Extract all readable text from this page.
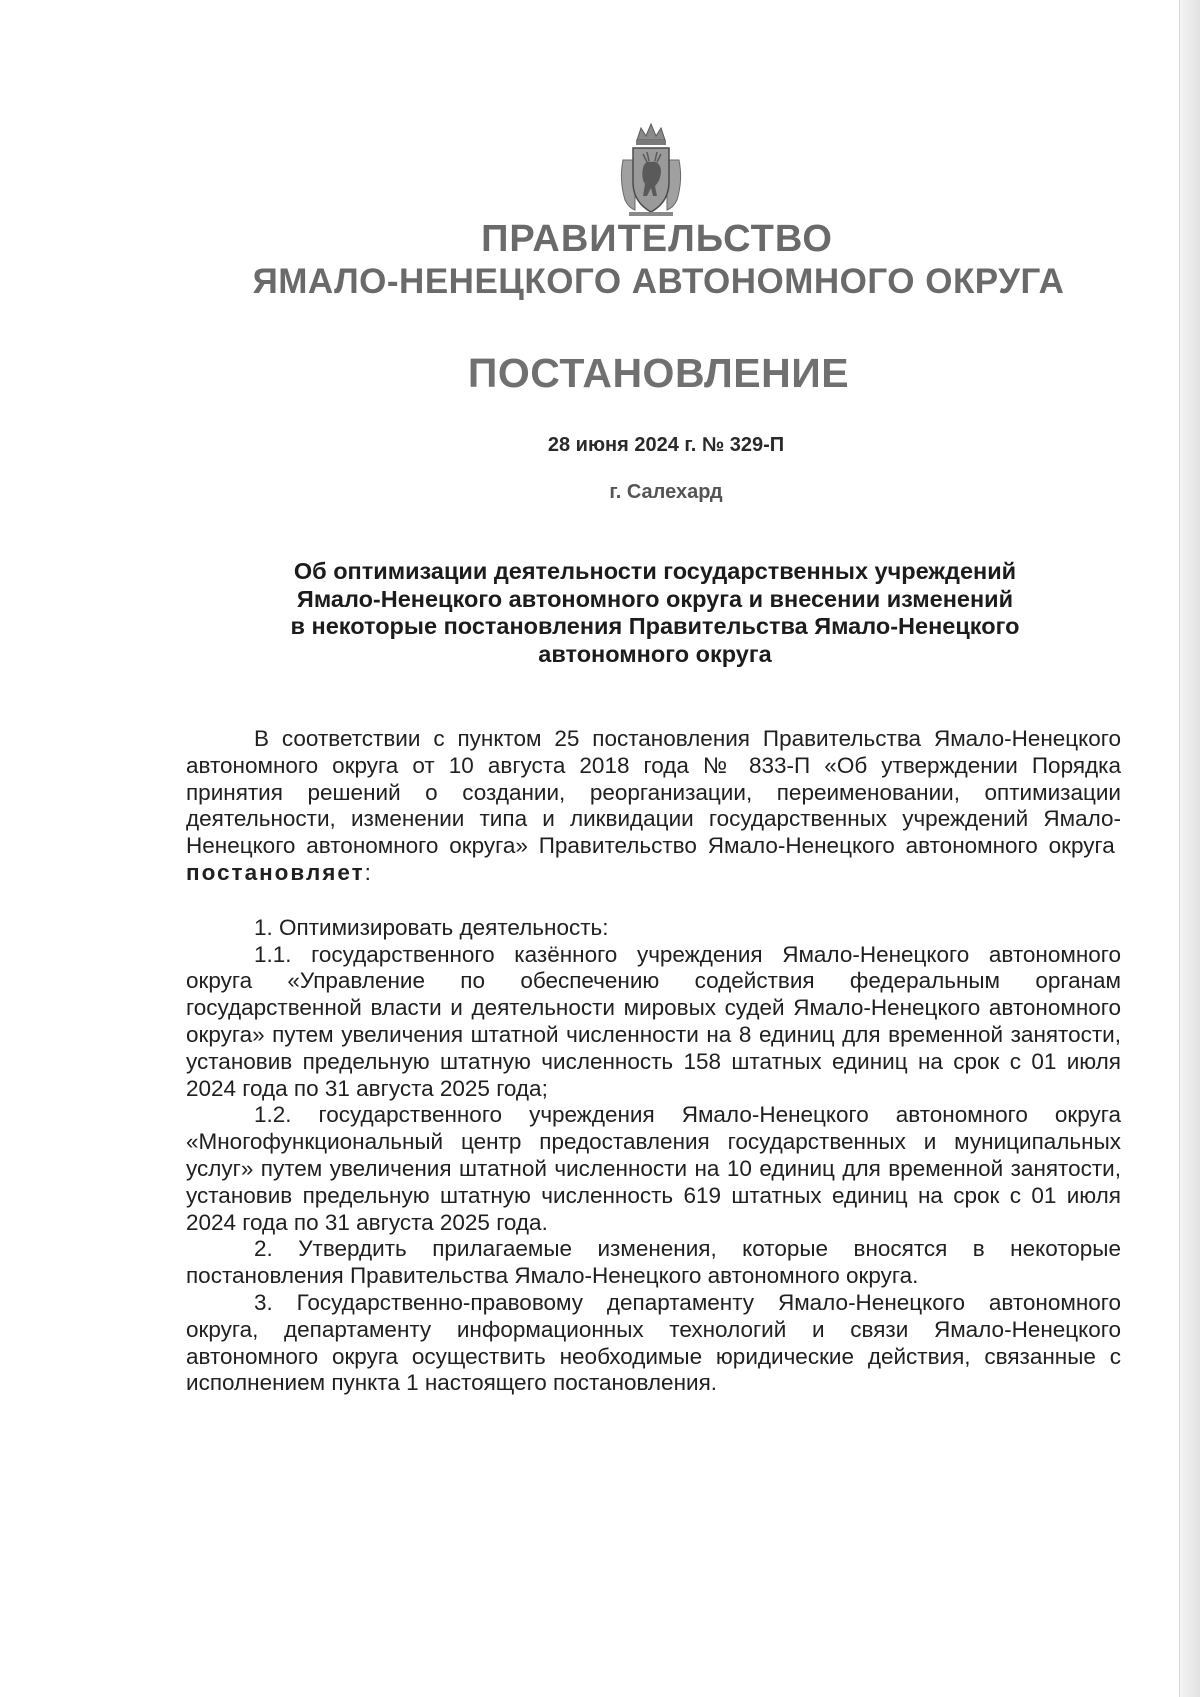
ПРАВИТЕЛЬСТВО
ЯМАЛО-НЕНЕЦКОГО АВТОНОМНОГО ОКРУГА
ПОСТАНОВЛЕНИЕ

28 июня 2024 г. № 329-П

г. Салехард

Об оптимизации деятельности государственных учреждений
Ямало-Ненецкого автономного округа и внесении изменений
в некоторые постановления Правительства Ямало-Ненецкого
автономного округа

В соответствии с пунктом 25 постановления Правительства Ямало-Ненецкого автономного округа от 10 августа 2018 года № 833-П «Об утверждении Порядка принятия решений о создании, реорганизации, переименовании, оптимизации деятельности, изменении типа и ликвидации государственных учреждений Ямало-Ненецкого автономного округа» Правительство Ямало-Ненецкого автономного округа  постановляет:

1. Оптимизировать деятельность:

1.1. государственного казённого учреждения Ямало-Ненецкого автономного округа «Управление по обеспечению содействия федеральным органам государственной власти и деятельности мировых судей Ямало-Ненецкого автономного округа» путем увеличения штатной численности на 8 единиц для временной занятости, установив предельную штатную численность 158 штатных единиц на срок с 01 июля 2024 года по 31 августа 2025 года;

1.2. государственного учреждения Ямало-Ненецкого автономного округа «Многофункциональный центр предоставления государственных и муниципальных услуг» путем увеличения штатной численности на 10 единиц для временной занятости, установив предельную штатную численность 619 штатных единиц на срок с 01 июля 2024 года по 31 августа 2025 года.

2. Утвердить прилагаемые изменения, которые вносятся в некоторые постановления Правительства Ямало-Ненецкого автономного округа.

3. Государственно-правовому департаменту Ямало-Ненецкого автономного округа, департаменту информационных технологий и связи Ямало-Ненецкого автономного округа осуществить необходимые юридические действия, связанные с исполнением пункта 1 настоящего постановления.
